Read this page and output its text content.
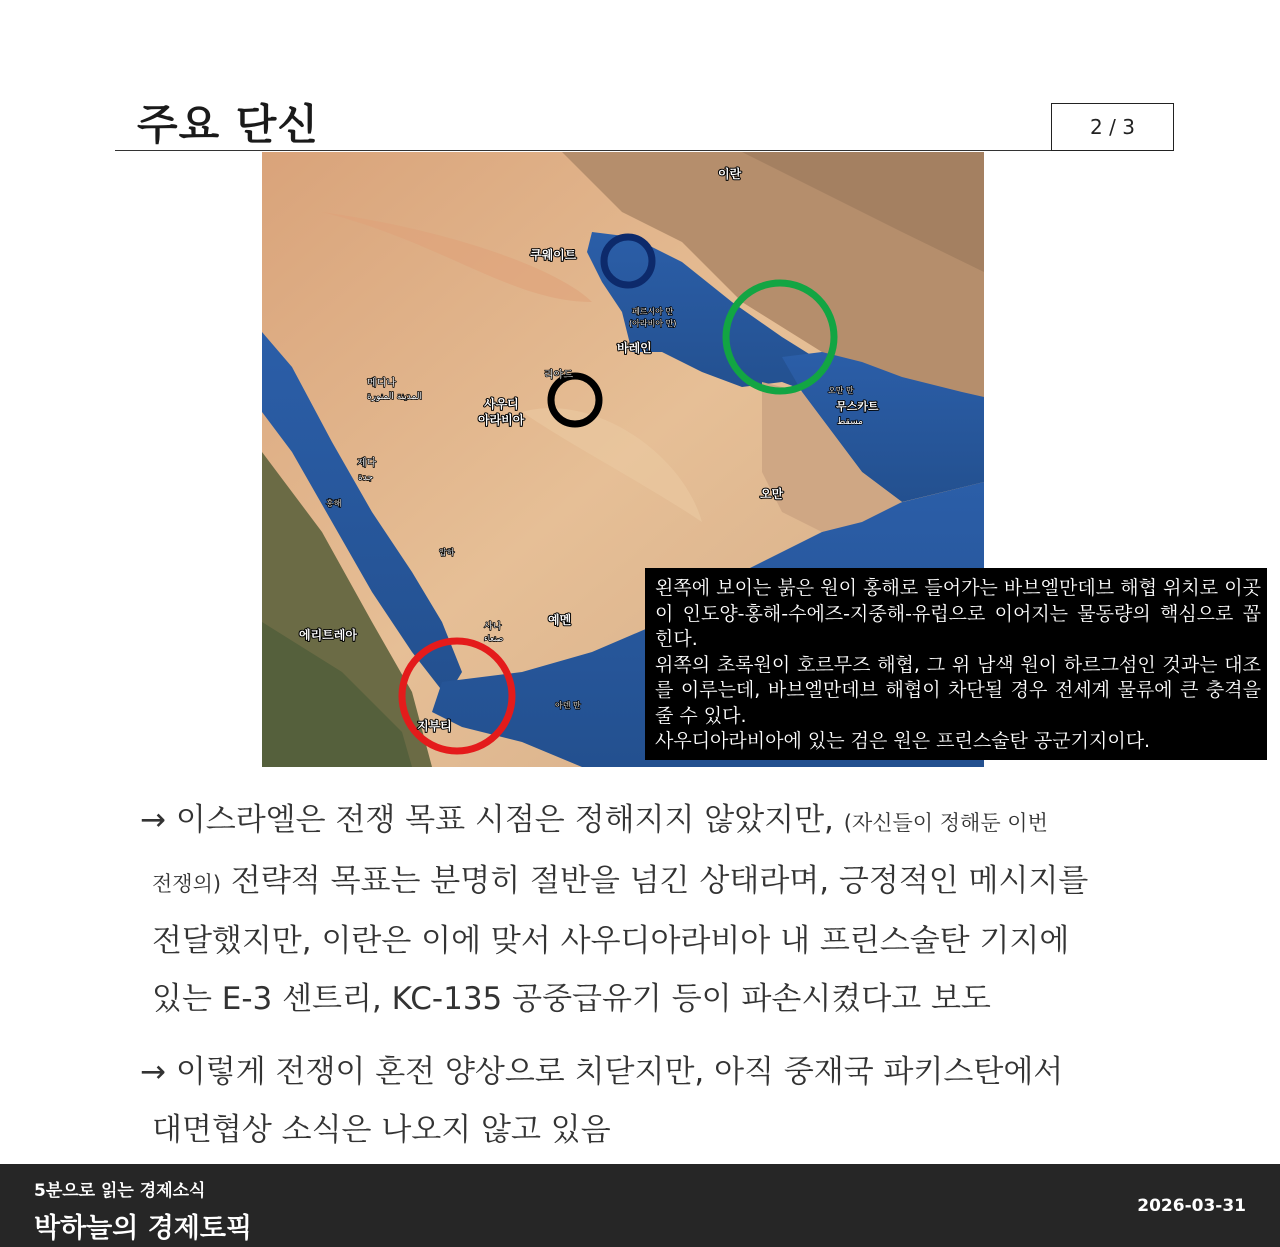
주요 단신	2 / 3
이란
쿠웨이트
페르시아 만
(아라비아 만)
바레인
리야드
사우디
아라비아
메디나
المدينة المنورة
제다
جدة
홍해
압하
에리트레아
사나
صنعاء
예멘
지부티
아덴 만
오만 만
무스카트
مسقط
오만

왼쪽에 보이는 붉은 원이 홍해로 들어가는 바브엘만데브 해협 위치로 이곳이 인도양-홍해-수에즈-지중해-유럽으로 이어지는 물동량의 핵심으로 꼽힌다.

위쪽의 초록원이 호르무즈 해협, 그 위 남색 원이 하르그섬인 것과는 대조를 이루는데, 바브엘만데브 해협이 차단될 경우 전세계 물류에 큰 충격을 줄 수 있다.

사우디아라비아에 있는 검은 원은 프린스술탄 공군기지이다.

→ 이스라엘은 전쟁 목표 시점은 정해지지 않았지만, (자신들이 정해둔 이번
전쟁의) 전략적 목표는 분명히 절반을 넘긴 상태라며, 긍정적인 메시지를
전달했지만, 이란은 이에 맞서 사우디아라비아 내 프린스술탄 기지에
있는 E-3 센트리, KC-135 공중급유기 등이 파손시켰다고 보도
→ 이렇게 전쟁이 혼전 양상으로 치닫지만, 아직 중재국 파키스탄에서
대면협상 소식은 나오지 않고 있음
5분으로 읽는 경제소식
박하늘의 경제토픽
2026-03-31
